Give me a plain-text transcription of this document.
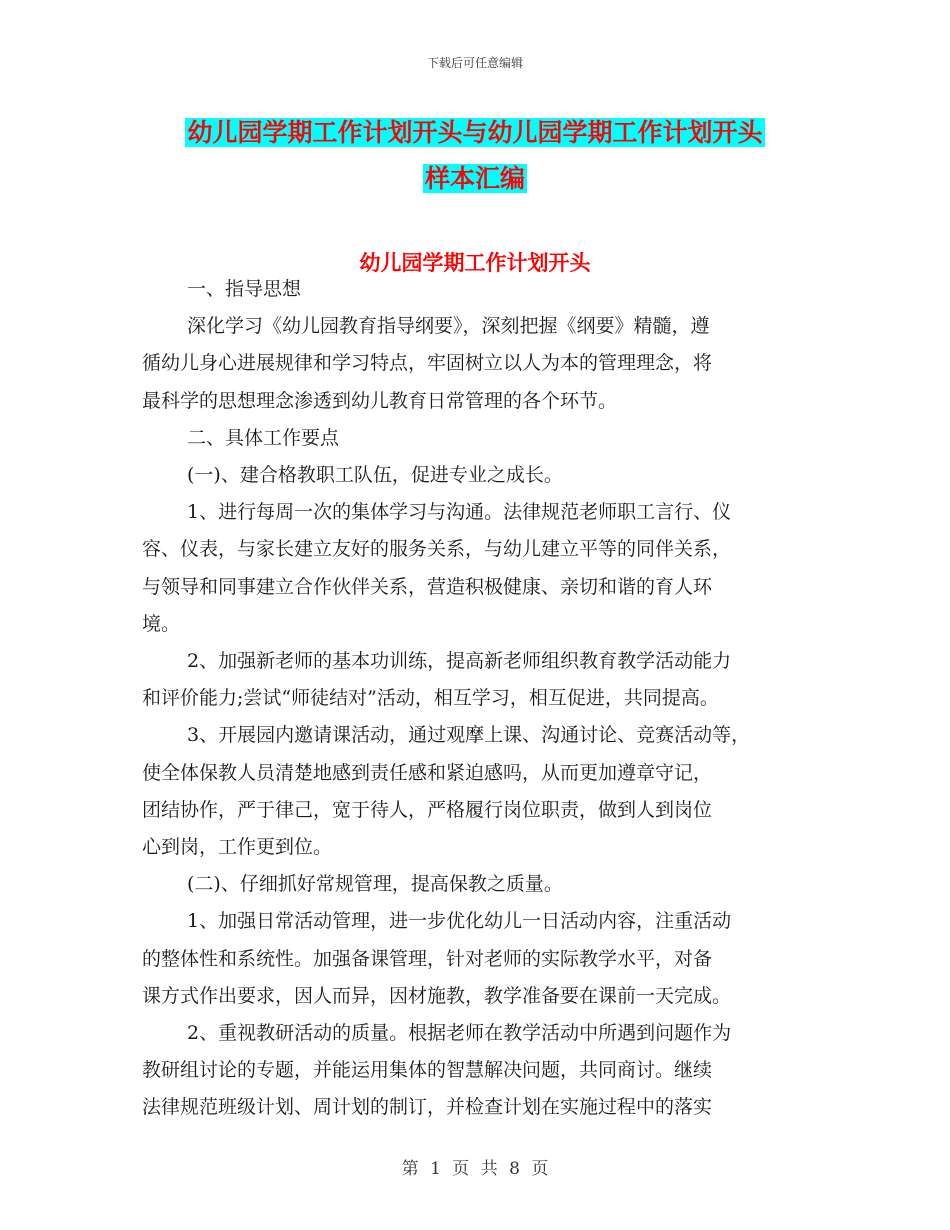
下载后可任意编辑
幼儿园学期工作计划开头与幼儿园学期工作计划开头
样本汇编
幼儿园学期工作计划开头

一、指导思想

深化学习《幼儿园教育指导纲要》，深刻把握《纲要》精髓，遵

循幼儿身心进展规律和学习特点，牢固树立以人为本的管理理念，将

最科学的思想理念渗透到幼儿教育日常管理的各个环节。

二、具体工作要点

(一)、建合格教职工队伍，促进专业之成长。

1、进行每周一次的集体学习与沟通。法律规范老师职工言行、仪

容、仪表，与家长建立友好的服务关系，与幼儿建立平等的同伴关系，

与领导和同事建立合作伙伴关系，营造积极健康、亲切和谐的育人环

境。

2、加强新老师的基本功训练，提高新老师组织教育教学活动能力

和评价能力;尝试“师徒结对”活动，相互学习，相互促进，共同提高。

3、开展园内邀请课活动，通过观摩上课、沟通讨论、竞赛活动等，

使全体保教人员清楚地感到责任感和紧迫感吗，从而更加遵章守记，

团结协作，严于律己，宽于待人，严格履行岗位职责，做到人到岗位

心到岗，工作更到位。

(二)、仔细抓好常规管理，提高保教之质量。

1、加强日常活动管理，进一步优化幼儿一日活动内容，注重活动

的整体性和系统性。加强备课管理，针对老师的实际教学水平，对备

课方式作出要求，因人而异，因材施教，教学准备要在课前一天完成。

2、重视教研活动的质量。根据老师在教学活动中所遇到问题作为

教研组讨论的专题，并能运用集体的智慧解决问题，共同商讨。继续

法律规范班级计划、周计划的制订，并检查计划在实施过程中的落实

第 1 页 共 8 页
